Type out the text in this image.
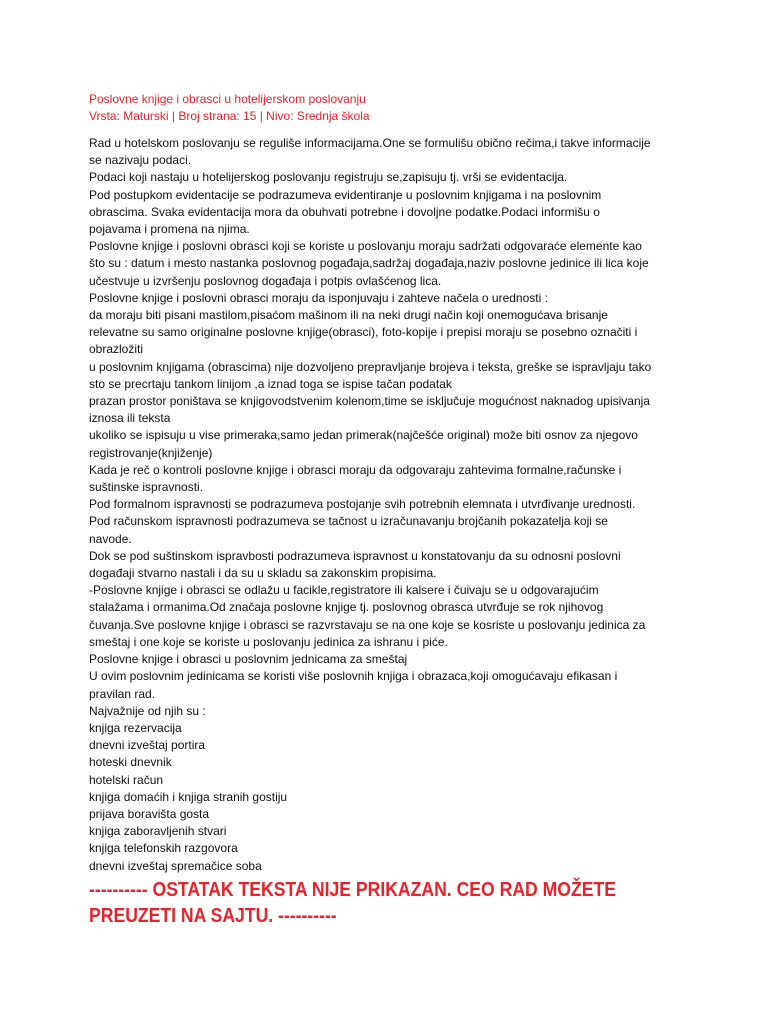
Poslovne knjige i obrasci u hotelijerskom poslovanju
Vrsta: Maturski | Broj strana: 15 | Nivo: Srednja škola
Rad u hotelskom poslovanju se reguliše informacijama.One se formulišu obično rečima,i takve informacije
se nazivaju podaci.
Podaci koji nastaju u hotelijerskog poslovanju registruju se,zapisuju tj. vrši se evidentacija.
Pod postupkom evidentacije se podrazumeva evidentiranje u poslovnim knjigama i na poslovnim
obrascima. Svaka evidentacija mora da obuhvati potrebne i dovoljne podatke.Podaci informišu o
pojavama i promena na njima.
Poslovne knjige i poslovni obrasci koji se koriste u poslovanju moraju sadržati odgovaraće elemente kao
što su : datum i mesto nastanka poslovnog pogađaja,sadržaj događaja,naziv poslovne jedinice ili lica koje
učestvuje u izvršenju poslovnog događaja i potpis ovlašćenog lica.
Poslovne knjige i poslovni obrasci moraju da isponjuvaju i zahteve načela o urednosti :
da moraju biti pisani mastilom,pisaćom mašinom ili na neki drugi način koji onemogućava brisanje
relevatne su samo originalne poslovne knjige(obrasci), foto-kopije i prepisi moraju se posebno označiti i
obrazložiti
u poslovnim knjigama (obrascima) nije dozvoljeno prepravljanje brojeva i teksta, greške se ispravljaju tako
sto se precrtaju tankom linijom ,a iznad toga se ispise tačan podatak
prazan prostor poništava se knjigovodstvenim kolenom,time se isključuje mogućnost naknadog upisivanja
iznosa ili teksta
ukoliko se ispisuju u vise primeraka,samo jedan primerak(najčešće original) može biti osnov za njegovo
registrovanje(knjiženje)
Kada je reč o kontroli poslovne knjige i obrasci moraju da odgovaraju zahtevima formalne,računske i
suštinske ispravnosti.
Pod formalnom ispravnosti se podrazumeva postojanje svih potrebnih elemnata i utvrđivanje urednosti.
Pod računskom ispravnosti podrazumeva se tačnost u izračunavanju brojčanih pokazatelja koji se
navode.
Dok se pod suštinskom ispravbosti podrazumeva ispravnost u konstatovanju da su odnosni poslovni
događaji stvarno nastali i da su u skladu sa zakonskim propisima.
-Poslovne knjige i obrasci se odlažu u facikle,registratore ili kalsere i čuivaju se u odgovarajućim
stalažama i ormanima.Od značaja poslovne knjige tj. poslovnog obrasca utvrđuje se rok njihovog
čuvanja.Sve poslovne knjige i obrasci se razvrstavaju se na one koje se kosriste u poslovanju jedinica za
smeštaj i one koje se koriste u poslovanju jedinica za ishranu i piće.
Poslovne knjige i obrasci u poslovnim jednicama za smeštaj
U ovim poslovnim jedinicama se koristi više poslovnih knjiga i obrazaca,koji omogućavaju efikasan i
pravilan rad.
Najvažnije od njih su :
knjiga rezervacija
dnevni izveštaj portira
hoteski dnevnik
hotelski račun
knjiga domaćih i knjiga stranih gostiju
prijava boravišta gosta
knjiga zaboravljenih stvari
knjiga telefonskih razgovora
dnevni izveštaj spremačice soba
---------- OSTATAK TEKSTA NIJE PRIKAZAN. CEO RAD MOŽETE
PREUZETI NA SAJTU. ----------
